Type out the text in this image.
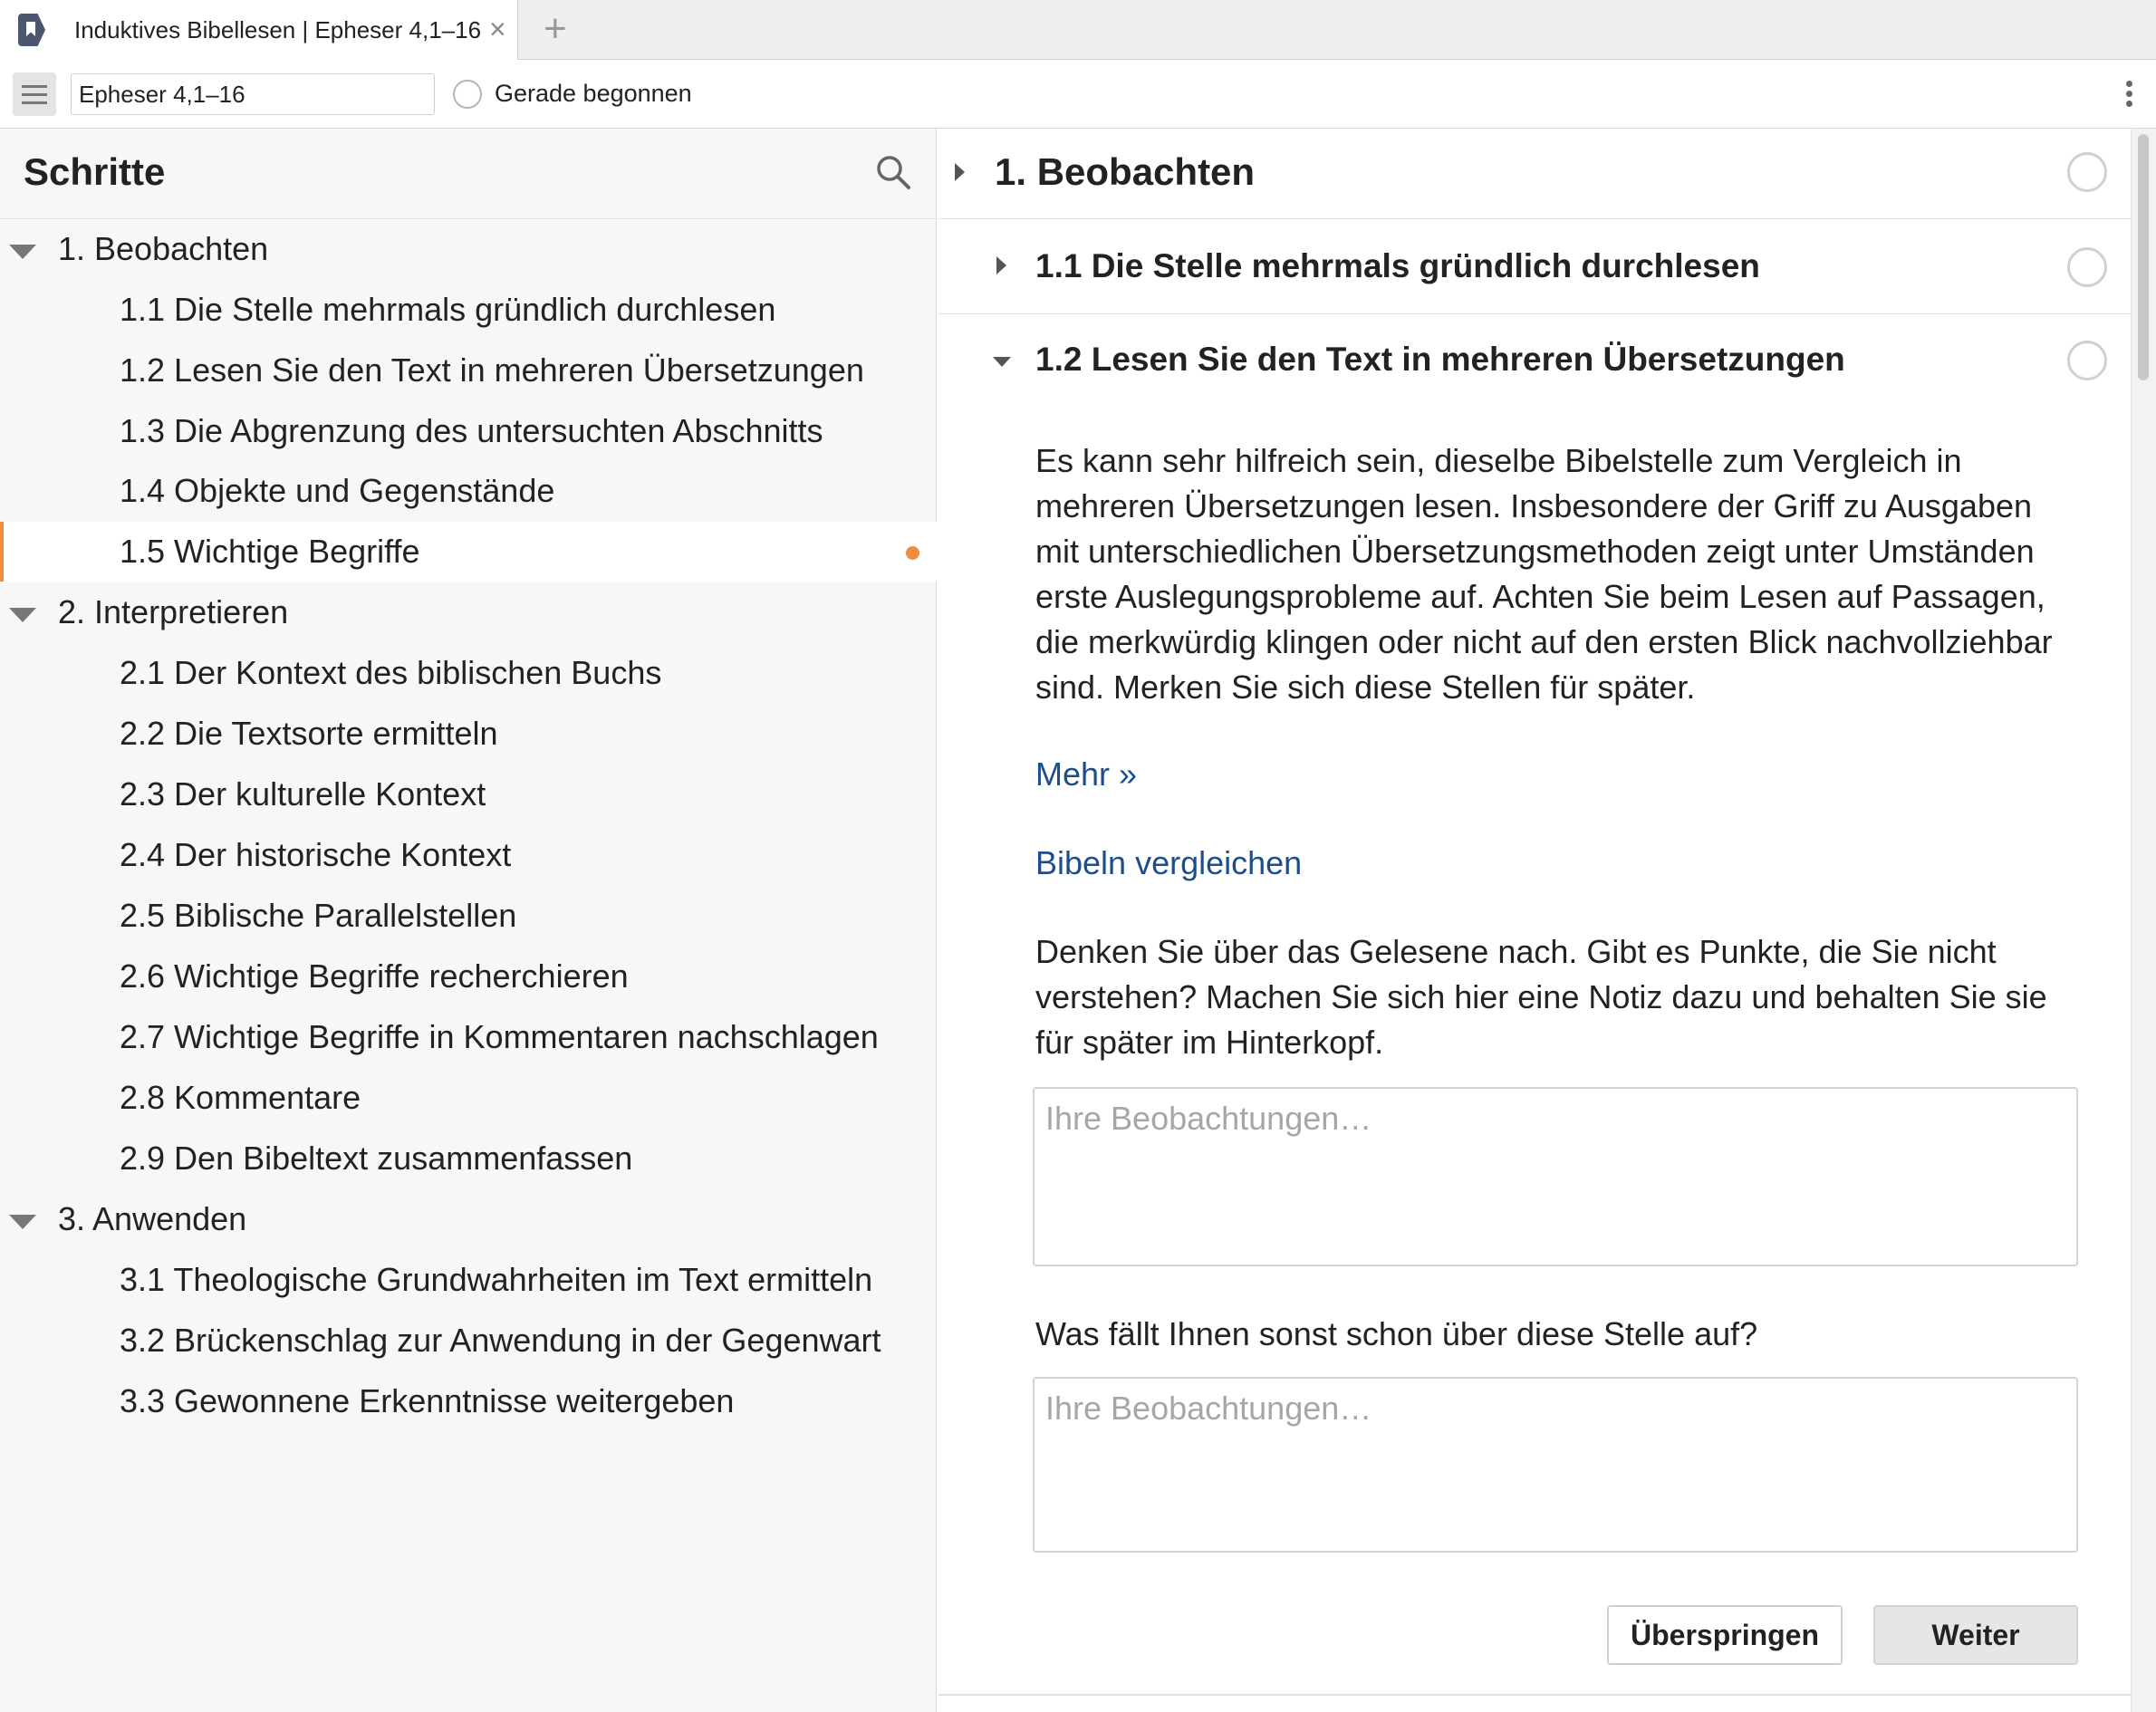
Induktives Bibellesen | Epheser 4,1–16 × +
Epheser 4,1–16
Gerade begonnen
Schritte
1. Beobachten
1.1 Die Stelle mehrmals gründlich durchlesen
1.2 Lesen Sie den Text in mehreren Übersetzungen
1.3 Die Abgrenzung des untersuchten Abschnitts
1.4 Objekte und Gegenstände
1.5 Wichtige Begriffe
2. Interpretieren
2.1 Der Kontext des biblischen Buchs
2.2 Die Textsorte ermitteln
2.3 Der kulturelle Kontext
2.4 Der historische Kontext
2.5 Biblische Parallelstellen
2.6 Wichtige Begriffe recherchieren
2.7 Wichtige Begriffe in Kommentaren nachschlagen
2.8 Kommentare
2.9 Den Bibeltext zusammenfassen
3. Anwenden
3.1 Theologische Grundwahrheiten im Text ermitteln
3.2 Brückenschlag zur Anwendung in der Gegenwart
3.3 Gewonnene Erkenntnisse weitergeben
1. Beobachten
1.1 Die Stelle mehrmals gründlich durchlesen
1.2 Lesen Sie den Text in mehreren Übersetzungen
Es kann sehr hilfreich sein, dieselbe Bibelstelle zum Vergleich in mehreren Übersetzungen lesen. Insbesondere der Griff zu Ausgaben mit unterschiedlichen Übersetzungsmethoden zeigt unter Umständen erste Auslegungsprobleme auf. Achten Sie beim Lesen auf Passagen, die merkwürdig klingen oder nicht auf den ersten Blick nachvollziehbar sind. Merken Sie sich diese Stellen für später.
Mehr »
Bibeln vergleichen
Denken Sie über das Gelesene nach. Gibt es Punkte, die Sie nicht verstehen? Machen Sie sich hier eine Notiz dazu und behalten Sie sie für später im Hinterkopf.
Ihre Beobachtungen…
Was fällt Ihnen sonst schon über diese Stelle auf?
Ihre Beobachtungen…
Überspringen	Weiter
